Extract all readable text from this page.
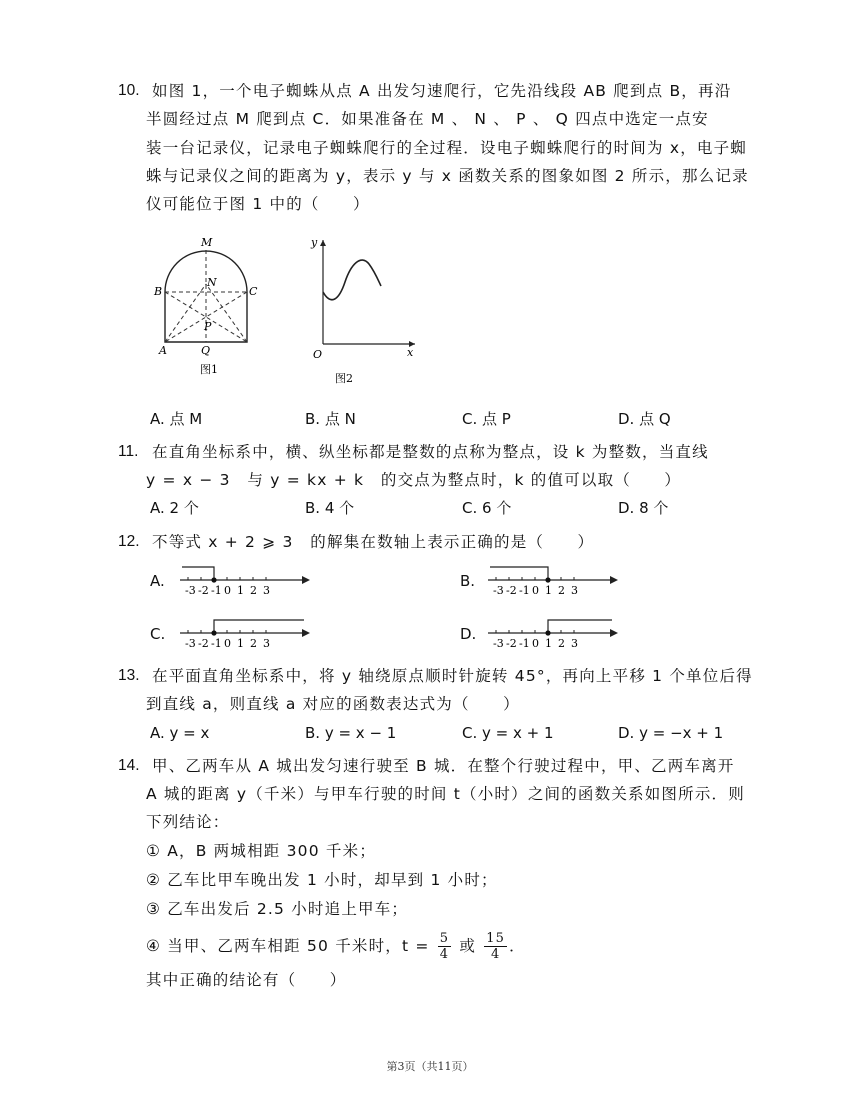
10. 如图 1，一个电子蜘蛛从点 A 出发匀速爬行，它先沿线段 AB 爬到点 B，再沿
半圆经过点 M 爬到点 C．如果准备在 M 、 N 、 P 、 Q 四点中选定一点安
装一台记录仪，记录电子蜘蛛爬行的全过程．设电子蜘蛛爬行的时间为 x，电子蜘
蛛与记录仪之间的距离为 y，表示 y 与 x 函数关系的图象如图 2 所示，那么记录
仪可能位于图 1 中的（　　）
M
N
B	C
P
A	Q
图1
y
x
O
图2
A. 点 M	B. 点 N	C. 点 P	D. 点 Q
11. 在直角坐标系中，横、纵坐标都是整数的点称为整点，设 k 为整数，当直线
y = x − 3　与 y = kx + k　的交点为整点时，k 的值可以取（　　）
A. 2 个	B. 4 个	C. 6 个	D. 8 个
12. 不等式 x + 2 ⩾ 3　的解集在数轴上表示正确的是（　　）
A.	B.
C.	D.
-3 -2 -1 0 1 2 3	-3 -2 -1 0 1 2 3
-3 -2 -1 0 1 2 3	-3 -2 -1 0 1 2 3
13. 在平面直角坐标系中，将 y 轴绕原点顺时针旋转 45°，再向上平移 1 个单位后得
到直线 a，则直线 a 对应的函数表达式为（　　）
A. y = x	B. y = x − 1	C. y = x + 1	D. y = −x + 1
14. 甲、乙两车从 A 城出发匀速行驶至 B 城．在整个行驶过程中，甲、乙两车离开
A 城的距离 y（千米）与甲车行驶的时间 t（小时）之间的函数关系如图所示．则
下列结论：
① A，B 两城相距 300 千米；
② 乙车比甲车晚出发 1 小时，却早到 1 小时；
③ 乙车出发后 2.5 小时追上甲车；
④ 当甲、乙两车相距 50 千米时，$t = \frac{5}{4}$ 或 $\frac{15}{4}$ ．
其中正确的结论有（　　）
第3页（共11页）
